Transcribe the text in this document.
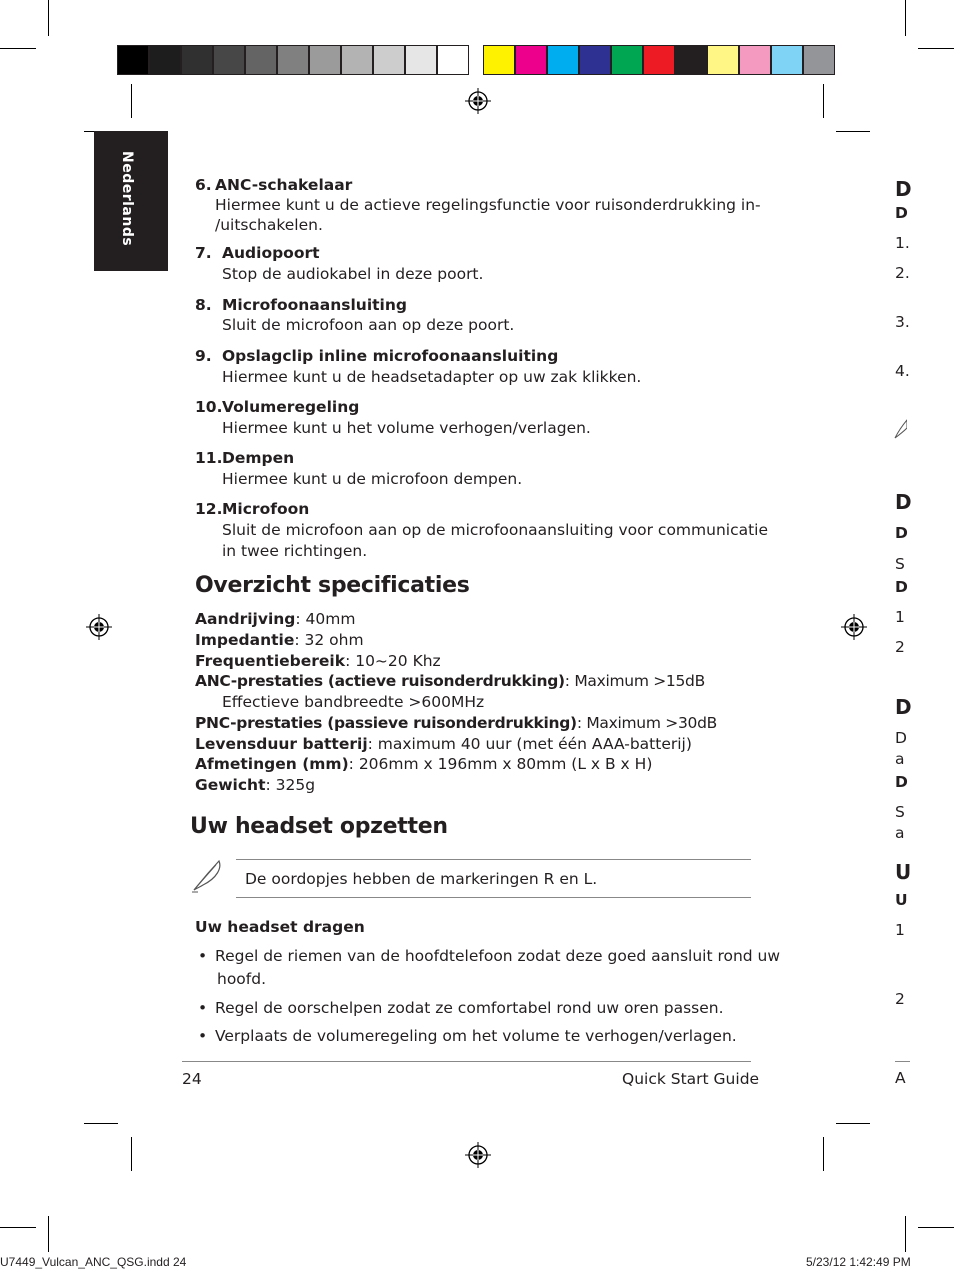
Nederlands	6. ANC-schakelaar
Hiermee kunt u de actieve regelingsfunctie voor ruisonderdrukking in-
/uitschakelen.
7. Audiopoort
Stop de audiokabel in deze poort.
8. Microfoonaansluiting
Sluit de microfoon aan op deze poort.
9. Opslagclip inline microfoonaansluiting
Hiermee kunt u de headsetadapter op uw zak klikken.
10. Volumeregeling
Hiermee kunt u het volume verhogen/verlagen.
11. Dempen
Hiermee kunt u de microfoon dempen.
12. Microfoon
Sluit de microfoon aan op de microfoonaansluiting voor communicatie
in twee richtingen.
Overzicht specificaties
Aandrijving: 40mm
Impedantie: 32 ohm
Frequentiebereik: 10~20 Khz
ANC-prestaties (actieve ruisonderdrukking): Maximum >15dB
Effectieve bandbreedte >600MHz
PNC-prestaties (passieve ruisonderdrukking): Maximum >30dB
Levensduur batterij: maximum 40 uur (met één AAA-batterij)
Afmetingen (mm): 206mm x 196mm x 80mm (L x B x H)
Gewicht: 325g
Uw headset opzetten
De oordopjes hebben de markeringen R en L.
Uw headset dragen
• Regel de riemen van de hoofdtelefoon zodat deze goed aansluit rond uw
hoofd.
• Regel de oorschelpen zodat ze comfortabel rond uw oren passen.
• Verplaats de volumeregeling om het volume te verhogen/verlagen.
24	Quick Start Guide
D
D
1.
2.
3.
4.
D
D
S
D
1
2
D
D
a
D
S
a
U
U
1
2
A
U7449_Vulcan_ANC_QSG.indd 24	5/23/12 1:42:49 PM
